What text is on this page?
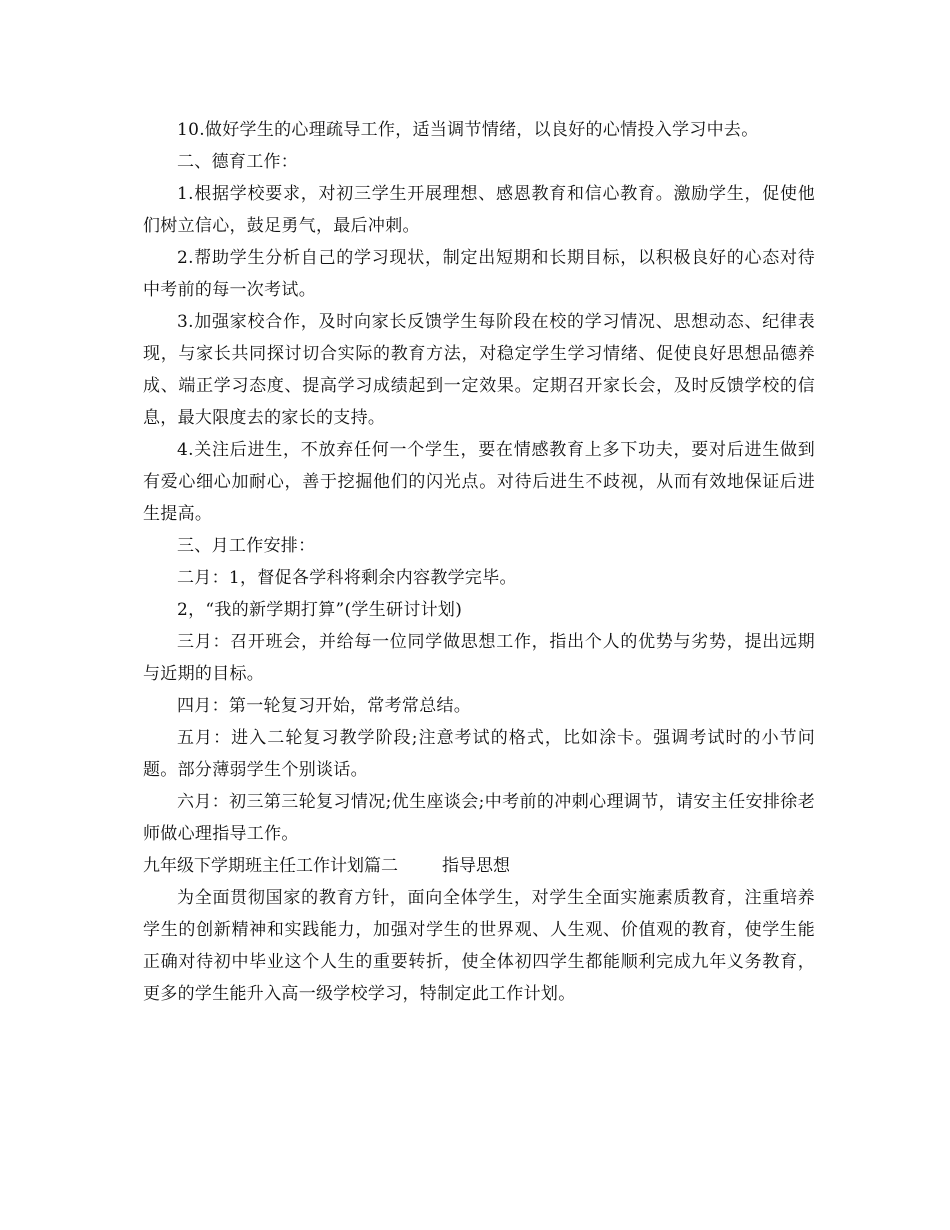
10.做好学生的心理疏导工作，适当调节情绪，以良好的心情投入学习中去。

二、德育工作：

1.根据学校要求，对初三学生开展理想、感恩教育和信心教育。激励学生，促使他们树立信心，鼓足勇气，最后冲刺。

2.帮助学生分析自己的学习现状，制定出短期和长期目标，以积极良好的心态对待中考前的每一次考试。

3.加强家校合作，及时向家长反馈学生每阶段在校的学习情况、思想动态、纪律表现，与家长共同探讨切合实际的教育方法，对稳定学生学习情绪、促使良好思想品德养成、端正学习态度、提高学习成绩起到一定效果。定期召开家长会，及时反馈学校的信息，最大限度去的家长的支持。

4.关注后进生，不放弃任何一个学生，要在情感教育上多下功夫，要对后进生做到有爱心细心加耐心，善于挖掘他们的闪光点。对待后进生不歧视，从而有效地保证后进生提高。

三、月工作安排：

二月：1，督促各学科将剩余内容教学完毕。

2，“我的新学期打算”(学生研讨计划)

三月：召开班会，并给每一位同学做思想工作，指出个人的优势与劣势，提出远期与近期的目标。

四月：第一轮复习开始，常考常总结。

五月：进入二轮复习教学阶段;注意考试的格式，比如涂卡。强调考试时的小节问题。部分薄弱学生个别谈话。

六月：初三第三轮复习情况;优生座谈会;中考前的冲刺心理调节，请安主任安排徐老师做心理指导工作。

九年级下学期班主任工作计划篇二	指导思想

为全面贯彻国家的教育方针，面向全体学生，对学生全面实施素质教育，注重培养学生的创新精神和实践能力，加强对学生的世界观、人生观、价值观的教育，使学生能正确对待初中毕业这个人生的重要转折，使全体初四学生都能顺利完成九年义务教育，更多的学生能升入高一级学校学习，特制定此工作计划。
